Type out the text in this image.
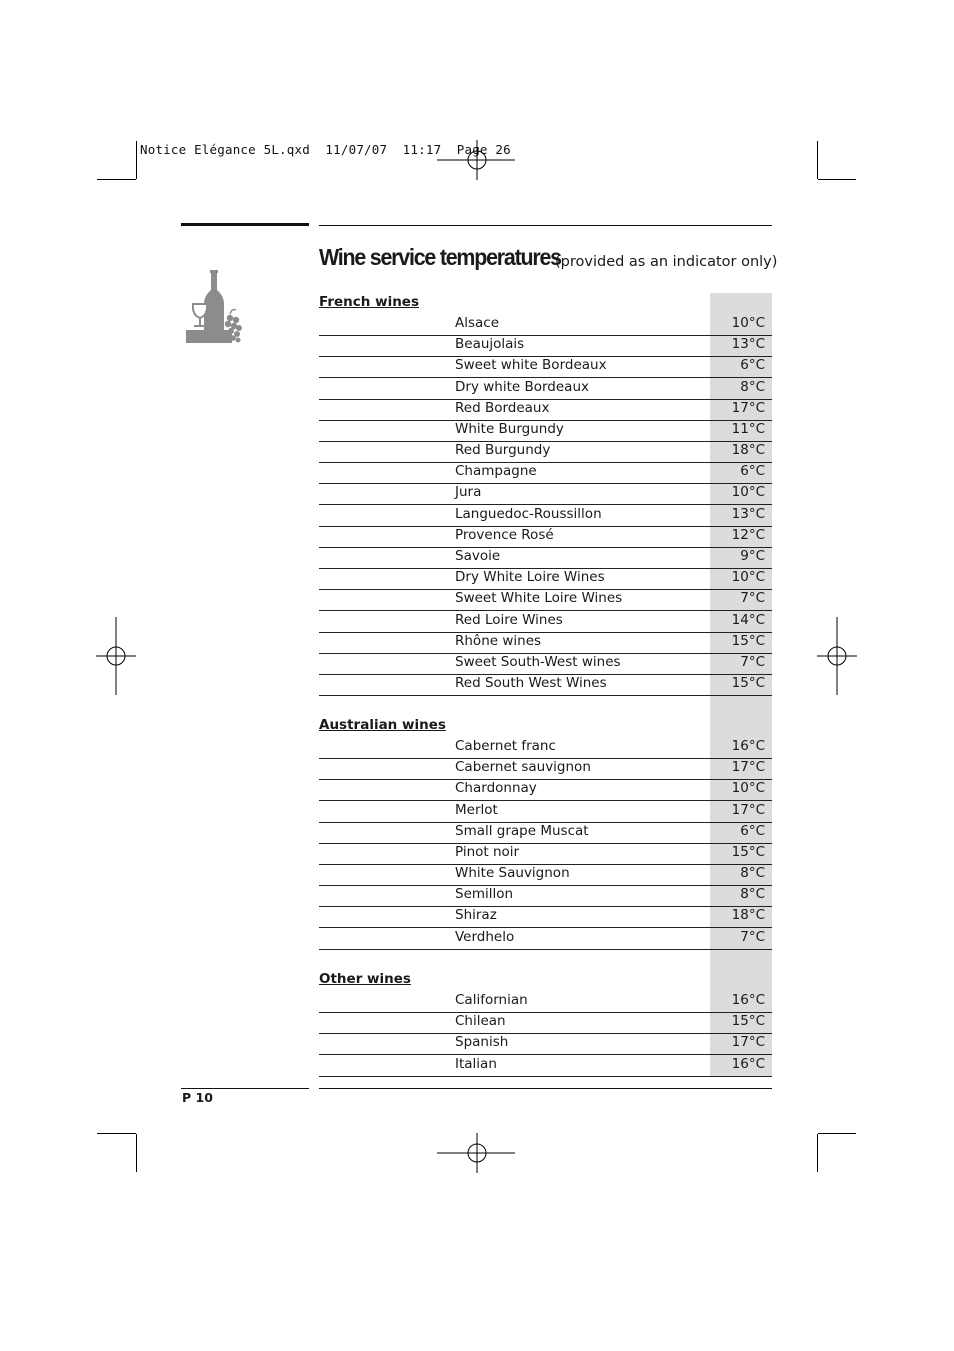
Notice Elégance 5L.qxd  11/07/07  11:17  Page 26
Wine service temperatures
(provided as an indicator only)
French wines
Alsace	10°C
Beaujolais	13°C
Sweet white Bordeaux	6°C
Dry white Bordeaux	8°C
Red Bordeaux	17°C
White Burgundy	11°C
Red Burgundy	18°C
Champagne	6°C
Jura	10°C
Languedoc-Roussillon	13°C
Provence Rosé	12°C
Savoie	9°C
Dry White Loire Wines	10°C
Sweet White Loire Wines	7°C
Red Loire Wines	14°C
Rhône wines	15°C
Sweet South-West wines	7°C
Red South West Wines	15°C
Australian wines
Cabernet franc	16°C
Cabernet sauvignon	17°C
Chardonnay	10°C
Merlot	17°C
Small grape Muscat	6°C
Pinot noir	15°C
White Sauvignon	8°C
Semillon	8°C
Shiraz	18°C
Verdhelo	7°C
Other wines
Californian	16°C
Chilean	15°C
Spanish	17°C
Italian	16°C
P 10
